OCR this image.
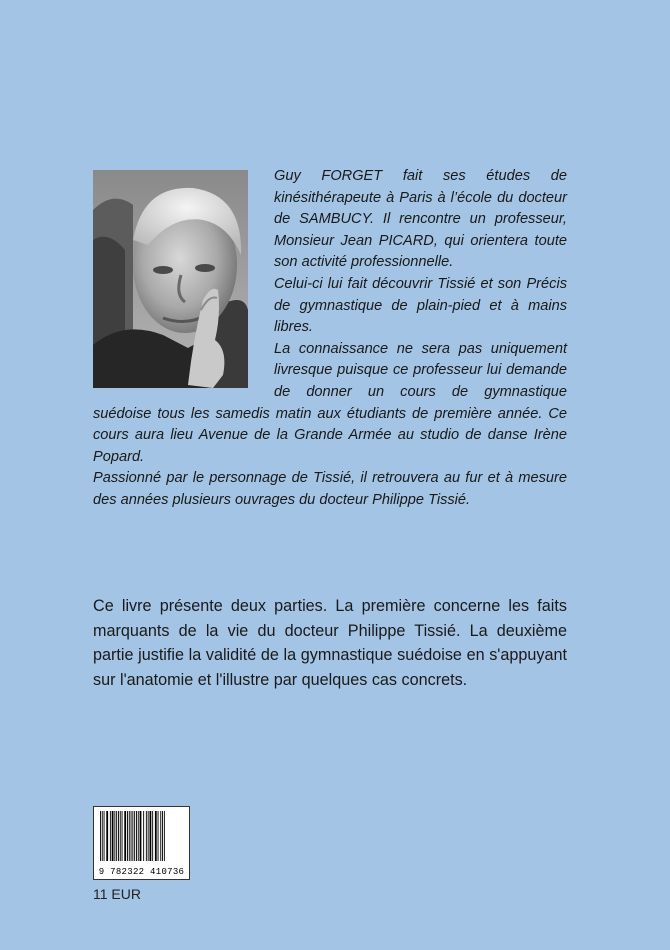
Guy FORGET fait ses études de kinésithérapeute à Paris à l’école du docteur de SAMBUCY. Il rencontre un professeur, Monsieur Jean PICARD, qui orientera toute son activité professionnelle.

Celui-ci lui fait découvrir Tissié et son Précis de gymnastique de plain-pied et à mains libres.

La connaissance ne sera pas uniquement livresque puisque ce professeur lui demande de donner un cours de gymnastique suédoise tous les samedis matin aux étudiants de première année. Ce cours aura lieu Avenue de la Grande Armée au studio de danse Irène Popard.

Passionné par le personnage de Tissié, il retrouvera au fur et à mesure des années plusieurs ouvrages du docteur Philippe Tissié.

Ce livre présente deux parties. La première concerne les faits marquants de la vie du docteur Philippe Tissié. La deuxième partie justifie la validité de la gymnastique suédoise en s'appuyant sur l'anatomie et l'illustre par quelques cas concrets.

9 782322 410736
11 EUR
